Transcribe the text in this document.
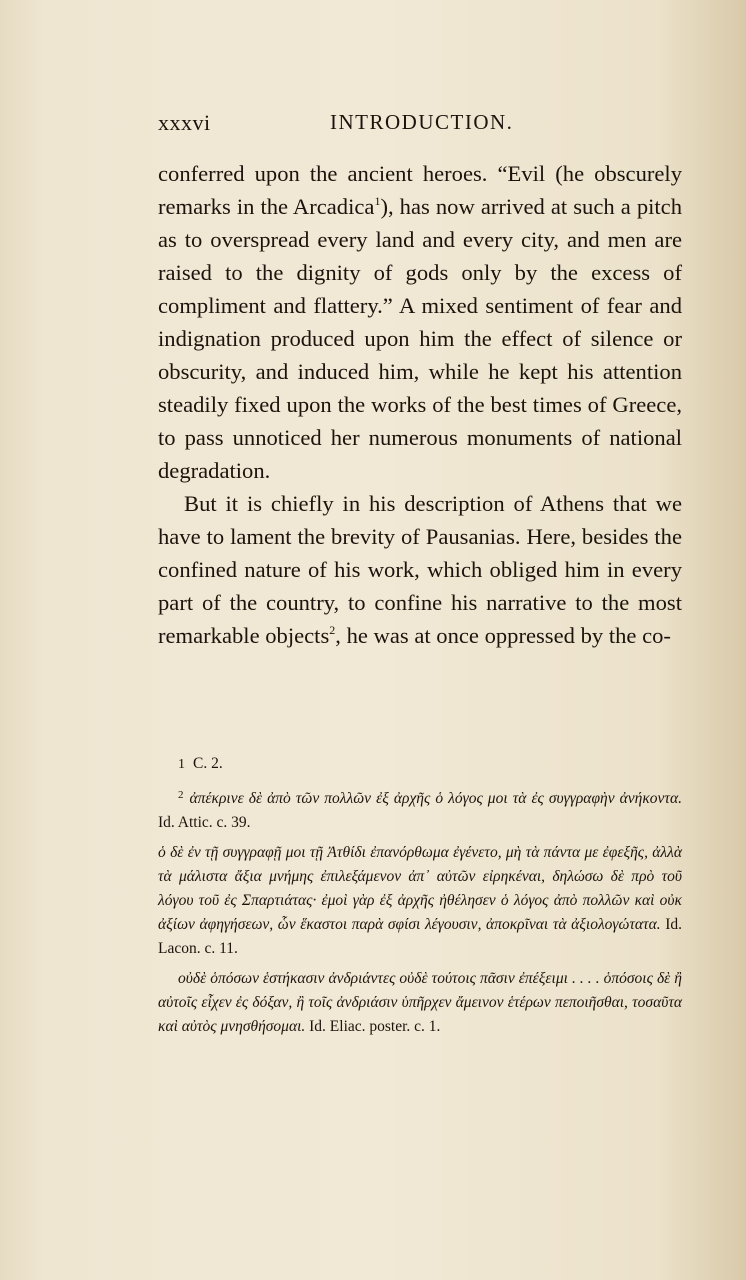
xxxvi	INTRODUCTION.

conferred upon the ancient heroes. “Evil (he obscurely remarks in the Arcadica$^1$), has now arrived at such a pitch as to overspread every land and every city, and men are raised to the dignity of gods only by the excess of compliment and flattery.” A mixed sentiment of fear and indignation produced upon him the effect of silence or obscurity, and induced him, while he kept his attention steadily fixed upon the works of the best times of Greece, to pass unnoticed her numerous monuments of national degradation.

But it is chiefly in his description of Athens that we have to lament the brevity of Pausanias. Here, besides the confined nature of his work, which obliged him in every part of the country, to confine his narrative to the most remarkable objects$^2$, he was at once oppressed by the co-

1 C. 2.

$^2$ ἀπέκρινε δὲ ἀπὸ τῶν πολλῶν ἐξ ἀρχῆς ὁ λόγος μοι τὰ ἐς συγγραφὴν ἀνήκοντα. Id. Attic. c. 39.

ὁ δὲ ἐν τῇ συγγραφῇ μοι τῇ Ἀτθίδι ἐπανόρθωμα ἐγένετο, μὴ τὰ πάντα με ἐφεξῆς, ἀλλὰ τὰ μάλιστα ἄξια μνήμης ἐπιλεξάμενον ἀπ᾽ αὐτῶν εἰρηκέναι, δηλώσω δὲ πρὸ τοῦ λόγου τοῦ ἐς Σπαρτιάτας· ἐμοὶ γὰρ ἐξ ἀρχῆς ἠθέλησεν ὁ λόγος ἀπὸ πολλῶν καὶ οὐκ ἀξίων ἀφηγήσεων, ὧν ἕκαστοι παρὰ σφίσι λέγουσιν, ἀποκρῖναι τὰ ἀξιολογώτατα. Id. Lacon. c. 11.

οὐδὲ ὁπόσων ἑστήκασιν ἀνδριάντες οὐδὲ τούτοις πᾶσιν ἐπέξειμι . . . . ὁπόσοις δὲ ἢ αὐτοῖς εἶχεν ἐς δόξαν, ἢ τοῖς ἀνδριάσιν ὑπῆρχεν ἄμεινον ἑτέρων πεποιῆσθαι, τοσαῦτα καὶ αὐτὸς μνησθήσομαι. Id. Eliac. poster. c. 1.
